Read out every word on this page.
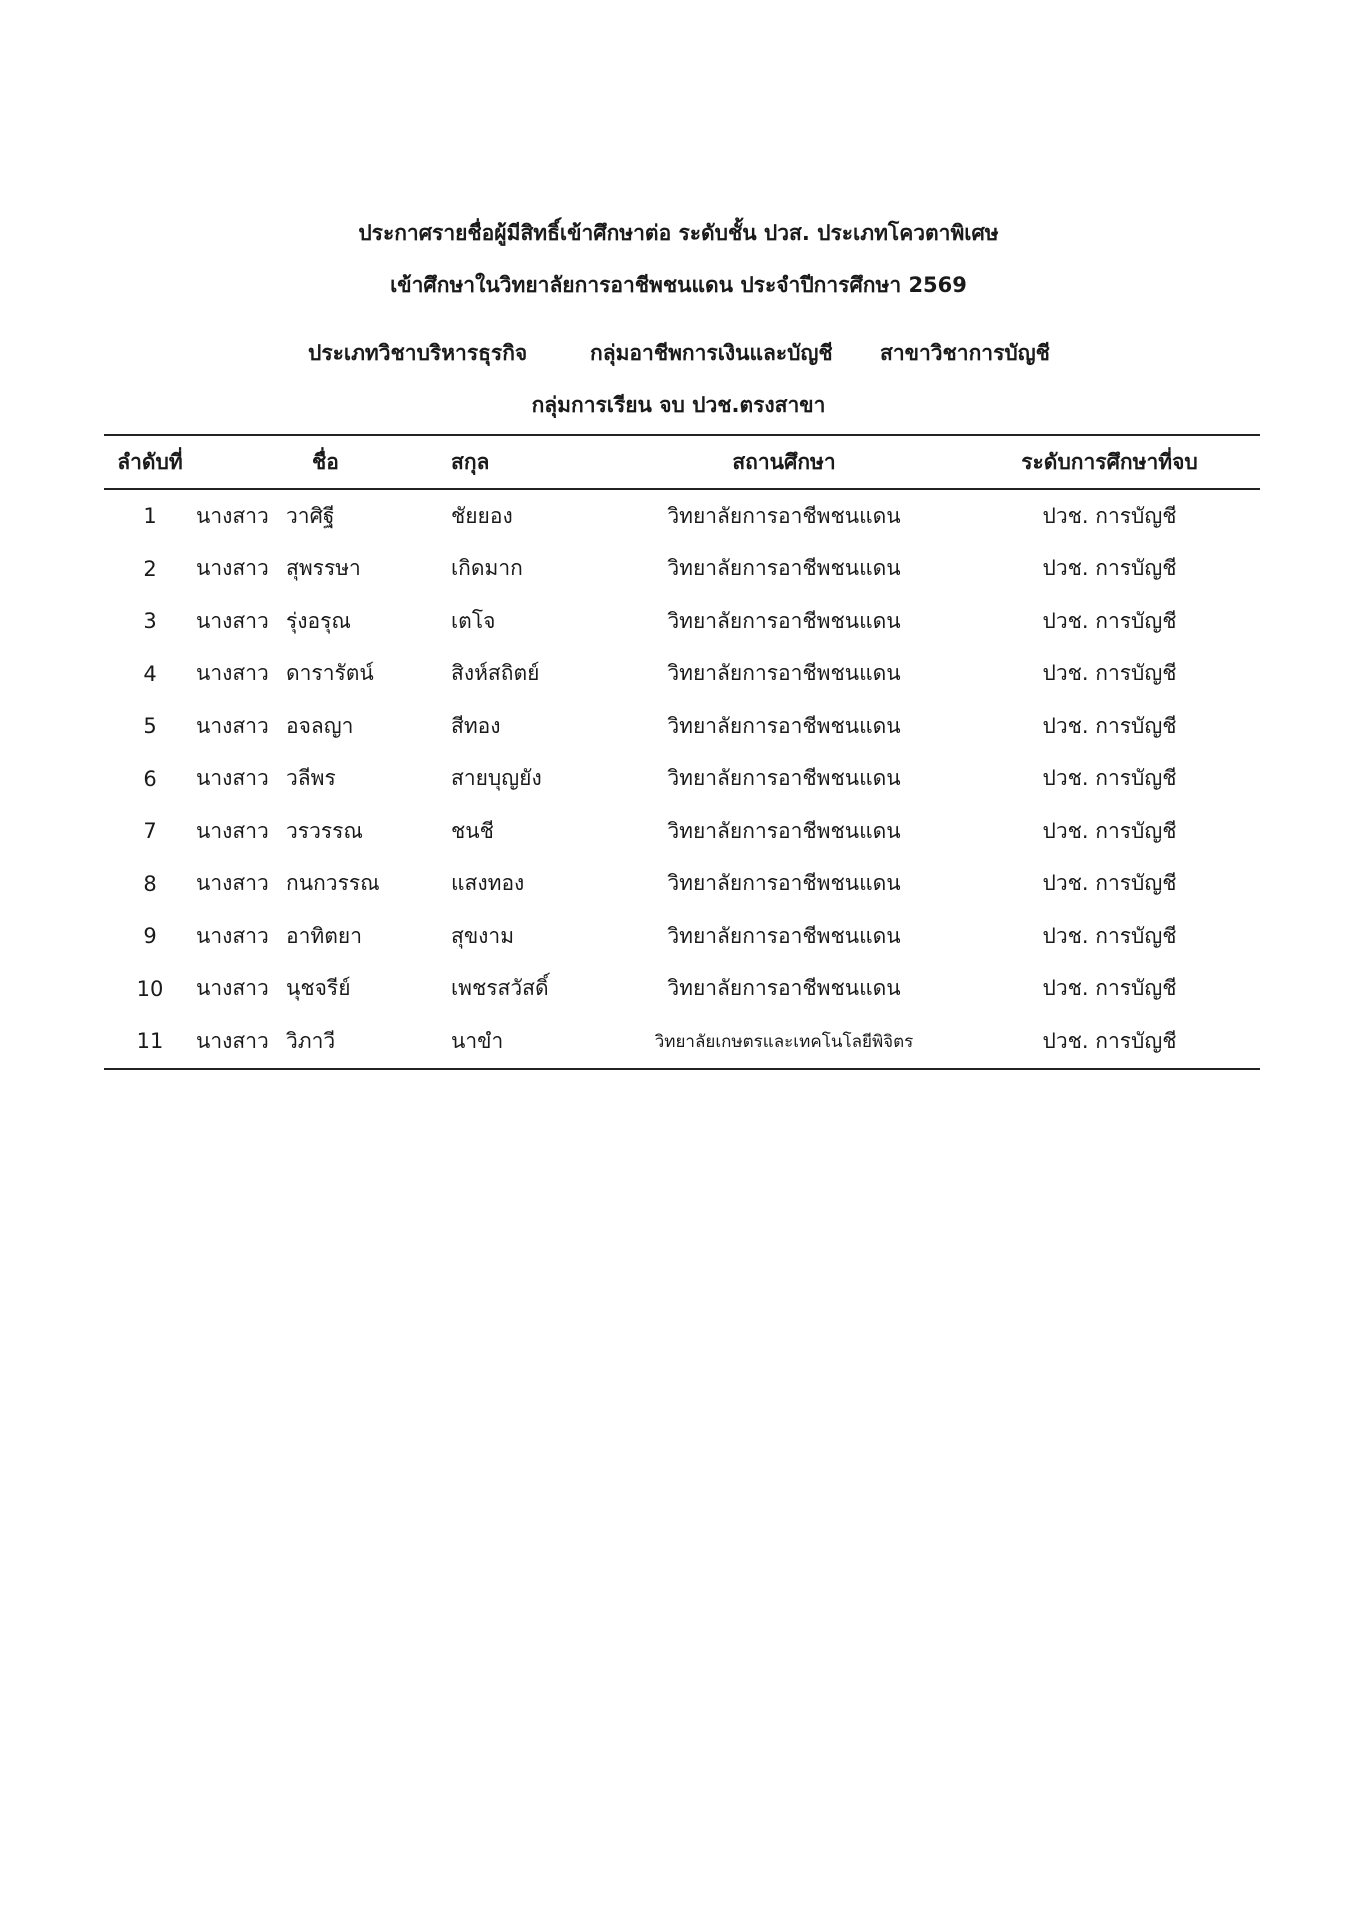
ประกาศรายชื่อผู้มีสิทธิ์เข้าศึกษาต่อ ระดับชั้น ปวส. ประเภทโควตาพิเศษ
เข้าศึกษาในวิทยาลัยการอาชีพชนแดน ประจำปีการศึกษา 2569
ประเภทวิชาบริหารธุรกิจ	กลุ่มอาชีพการเงินและบัญชี สาขาวิชาการบัญชี
กลุ่มการเรียน จบ ปวช.ตรงสาขา
ลำดับที่	ชื่อ		สกุล	สถานศึกษา	ระดับการศึกษาที่จบ
1	นางสาว	วาศิฐี	ชัยยอง	วิทยาลัยการอาชีพชนแดน	ปวช. การบัญชี
2	นางสาว	สุพรรษา	เกิดมาก	วิทยาลัยการอาชีพชนแดน	ปวช. การบัญชี
3	นางสาว	รุ่งอรุณ	เตโจ	วิทยาลัยการอาชีพชนแดน	ปวช. การบัญชี
4	นางสาว	ดารารัตน์	สิงห์สถิตย์	วิทยาลัยการอาชีพชนแดน	ปวช. การบัญชี
5	นางสาว	อจลญา	สีทอง	วิทยาลัยการอาชีพชนแดน	ปวช. การบัญชี
6	นางสาว	วลีพร	สายบุญยัง	วิทยาลัยการอาชีพชนแดน	ปวช. การบัญชี
7	นางสาว	วรวรรณ	ชนชี	วิทยาลัยการอาชีพชนแดน	ปวช. การบัญชี
8	นางสาว	กนกวรรณ	แสงทอง	วิทยาลัยการอาชีพชนแดน	ปวช. การบัญชี
9	นางสาว	อาทิตยา	สุขงาม	วิทยาลัยการอาชีพชนแดน	ปวช. การบัญชี
10	นางสาว	นุชจรีย์	เพชรสวัสดิ์	วิทยาลัยการอาชีพชนแดน	ปวช. การบัญชี
11	นางสาว	วิภาวี	นาขำ	วิทยาลัยเกษตรและเทคโนโลยีพิจิตร	ปวช. การบัญชี
